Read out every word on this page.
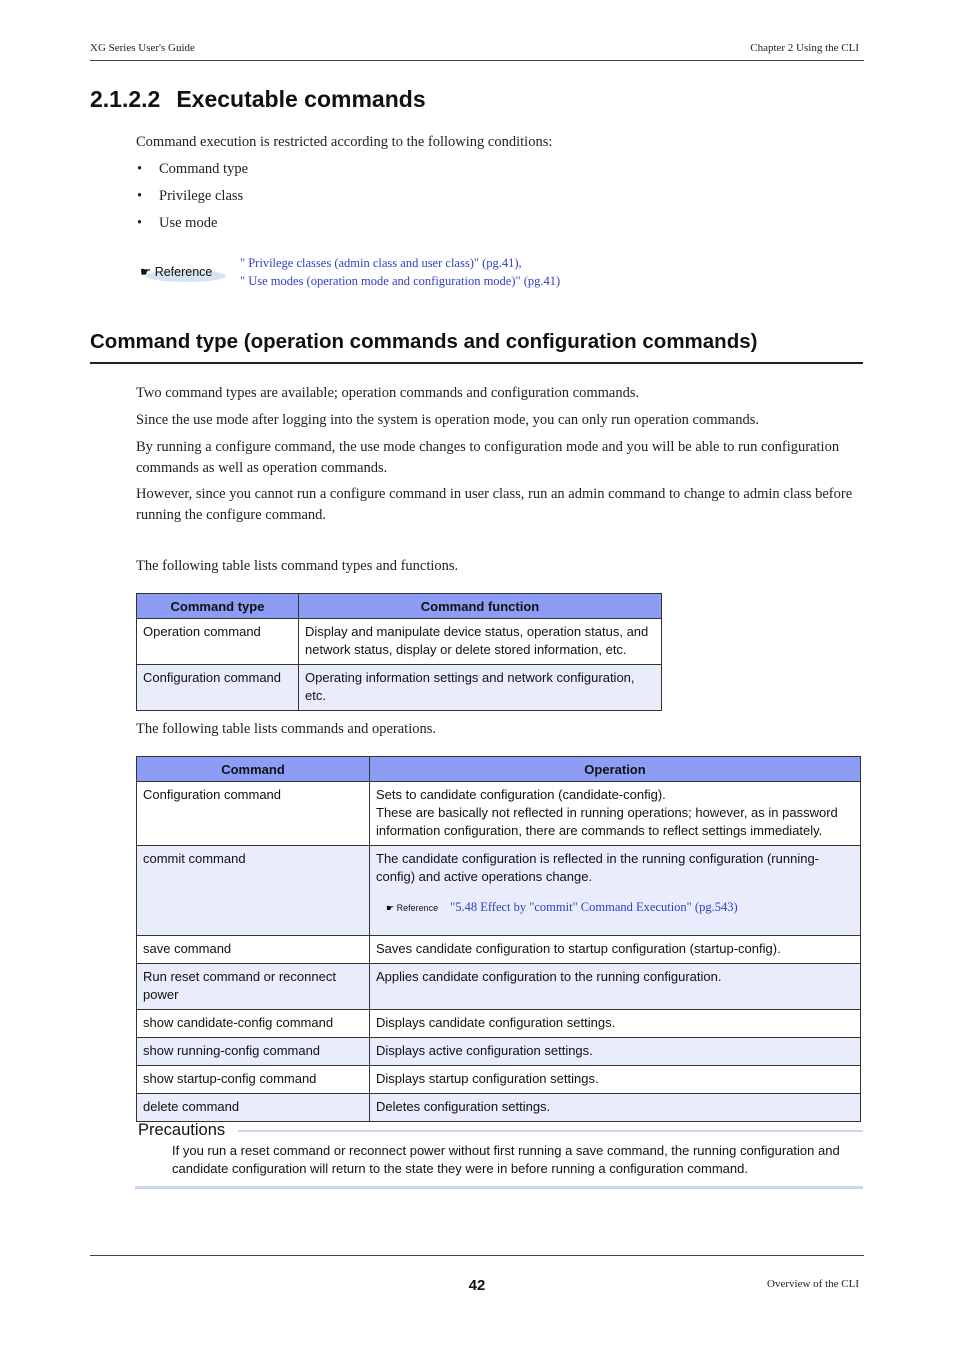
XG Series User's Guide	Chapter 2 Using the CLI
2.1.2.2 Executable commands
Command execution is restricted according to the following conditions:
• Command type
• Privilege class
• Use mode
☛ Reference
" Privilege classes (admin class and user class)" (pg.41),
" Use modes (operation mode and configuration mode)" (pg.41)
Command type (operation commands and configuration commands)
Two command types are available; operation commands and configuration commands.
Since the use mode after logging into the system is operation mode, you can only run operation commands.
By running a configure command, the use mode changes to configuration mode and you will be able to run configuration commands as well as operation commands.
However, since you cannot run a configure command in user class, run an admin command to change to admin class before running the configure command.
The following table lists command types and functions.
Command type	Command function
Operation command	Display and manipulate device status, operation status, and network status, display or delete stored information, etc.
Configuration command	Operating information settings and network configuration, etc.
The following table lists commands and operations.
Command	Operation
Configuration command	Sets to candidate configuration (candidate-config).
These are basically not reflected in running operations; however, as in password information configuration, there are commands to reflect settings immediately.

commit command	The candidate configuration is reflected in the running configuration (running-config) and active operations change.
☛ Reference "5.48 Effect by "commit" Command Execution" (pg.543)

save command	Saves candidate configuration to startup configuration (startup-config).
Run reset command or reconnect power	Applies candidate configuration to the running configuration.
show candidate-config command	Displays candidate configuration settings.
show running-config command	Displays active configuration settings.
show startup-config command	Displays startup configuration settings.
delete command	Deletes configuration settings.
Precautions
If you run a reset command or reconnect power without first running a save command, the running configuration and candidate configuration will return to the state they were in before running a configuration command.
42	Overview of the CLI
